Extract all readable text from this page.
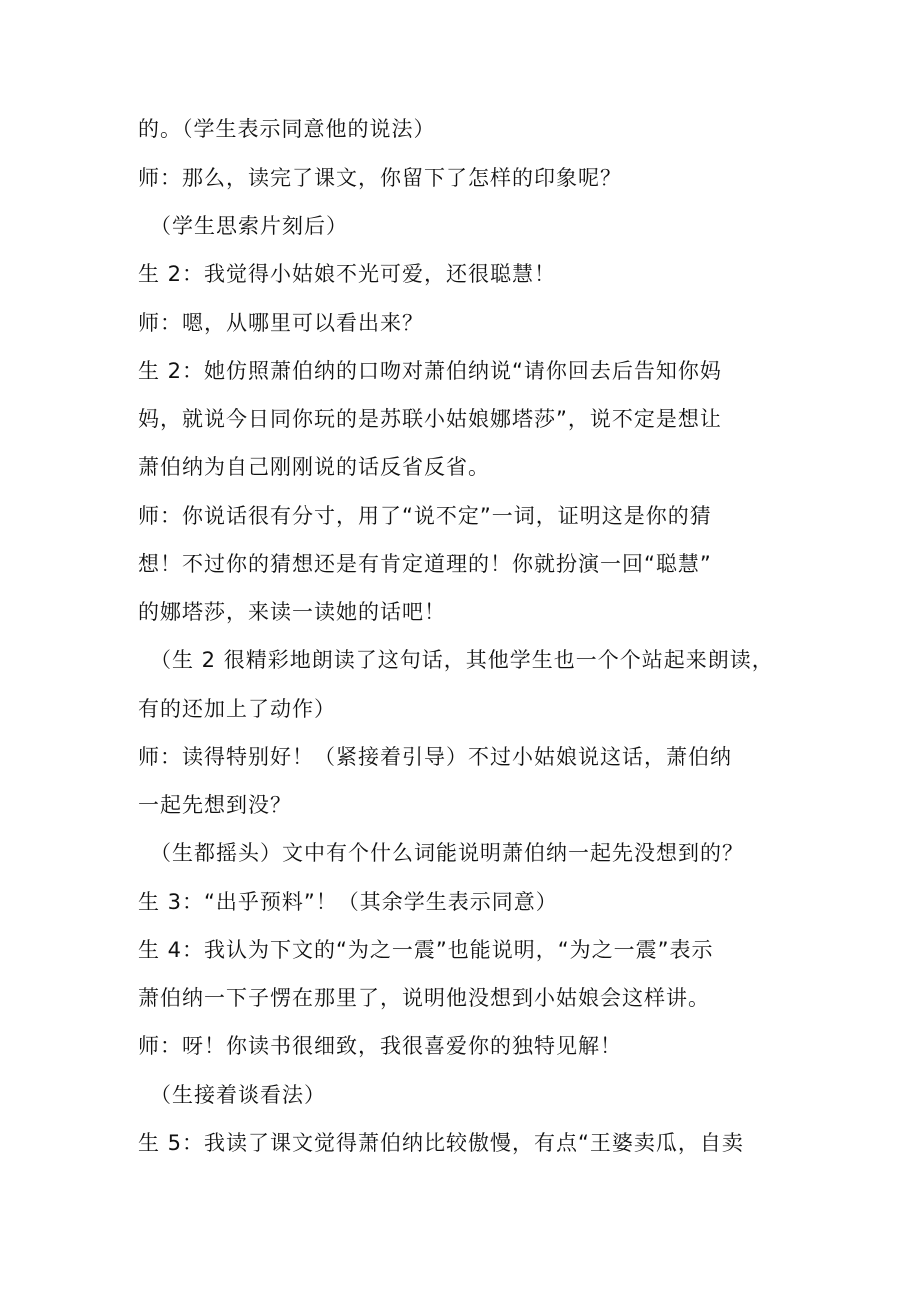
的。（学生表示同意他的说法）
师：那么，读完了课文，你留下了怎样的印象呢？
（学生思索片刻后）
生 2：我觉得小姑娘不光可爱，还很聪慧！
师：嗯，从哪里可以看出来？
生 2：她仿照萧伯纳的口吻对萧伯纳说“请你回去后告知你妈
妈，就说今日同你玩的是苏联小姑娘娜塔莎”，说不定是想让
萧伯纳为自己刚刚说的话反省反省。
师：你说话很有分寸，用了“说不定”一词，证明这是你的猜
想！不过你的猜想还是有肯定道理的！你就扮演一回“聪慧”
的娜塔莎，来读一读她的话吧！
（生 2 很精彩地朗读了这句话，其他学生也一个个站起来朗读，
有的还加上了动作）
师：读得特别好！（紧接着引导）不过小姑娘说这话，萧伯纳
一起先想到没？
（生都摇头）文中有个什么词能说明萧伯纳一起先没想到的？
生 3：“出乎预料”！（其余学生表示同意）
生 4：我认为下文的“为之一震”也能说明，“为之一震”表示
萧伯纳一下子愣在那里了，说明他没想到小姑娘会这样讲。
师：呀！你读书很细致，我很喜爱你的独特见解！
（生接着谈看法）
生 5：我读了课文觉得萧伯纳比较傲慢，有点“王婆卖瓜，自卖
